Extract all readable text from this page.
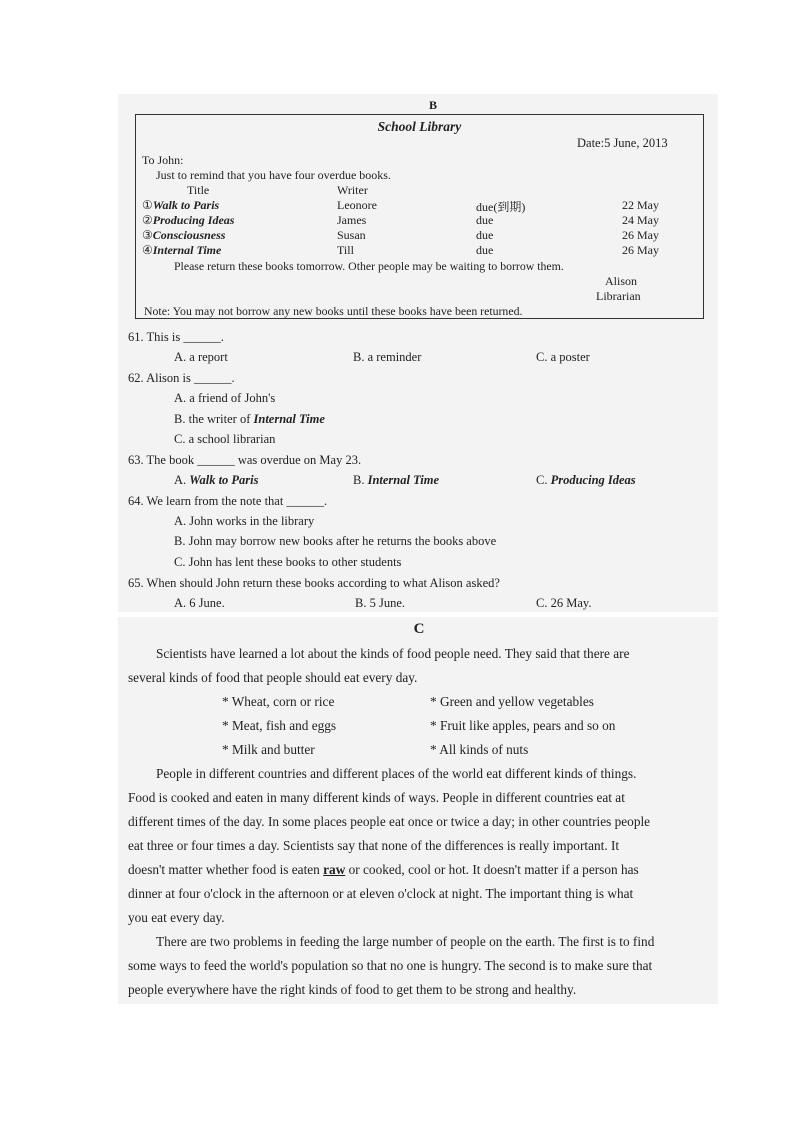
B
School Library
Date:5 June, 2013
To John:
Just to remind that you have four overdue books.
Title	Writer
①Walk to Paris	Leonore	due(到期)	22 May
②Producing Ideas	James	due	24 May
③Consciousness	Susan	due	26 May
④Internal Time	Till	due	26 May
Please return these books tomorrow. Other people may be waiting to borrow them.
Alison
Librarian
Note: You may not borrow any new books until these books have been returned.
61. This is ______.
A. a report	B. a reminder	C. a poster
62. Alison is ______.
A. a friend of John's
B. the writer of Internal Time
C. a school librarian
63. The book ______ was overdue on May 23.
A. Walk to Paris	B. Internal Time	C. Producing Ideas
64. We learn from the note that ______.
A. John works in the library
B. John may borrow new books after he returns the books above
C. John has lent these books to other students
65. When should John return these books according to what Alison asked?
A. 6 June.	B. 5 June.	C. 26 May.
C
Scientists have learned a lot about the kinds of food people need. They said that there are
several kinds of food that people should eat every day.
* Wheat, corn or rice	* Green and yellow vegetables
* Meat, fish and eggs	* Fruit like apples, pears and so on
* Milk and butter	* All kinds of nuts
People in different countries and different places of the world eat different kinds of things.
Food is cooked and eaten in many different kinds of ways. People in different countries eat at
different times of the day. In some places people eat once or twice a day; in other countries people
eat three or four times a day. Scientists say that none of the differences is really important. It
doesn't matter whether food is eaten raw or cooked, cool or hot. It doesn't matter if a person has
dinner at four o'clock in the afternoon or at eleven o'clock at night. The important thing is what
you eat every day.
There are two problems in feeding the large number of people on the earth. The first is to find
some ways to feed the world's population so that no one is hungry. The second is to make sure that
people everywhere have the right kinds of food to get them to be strong and healthy.
